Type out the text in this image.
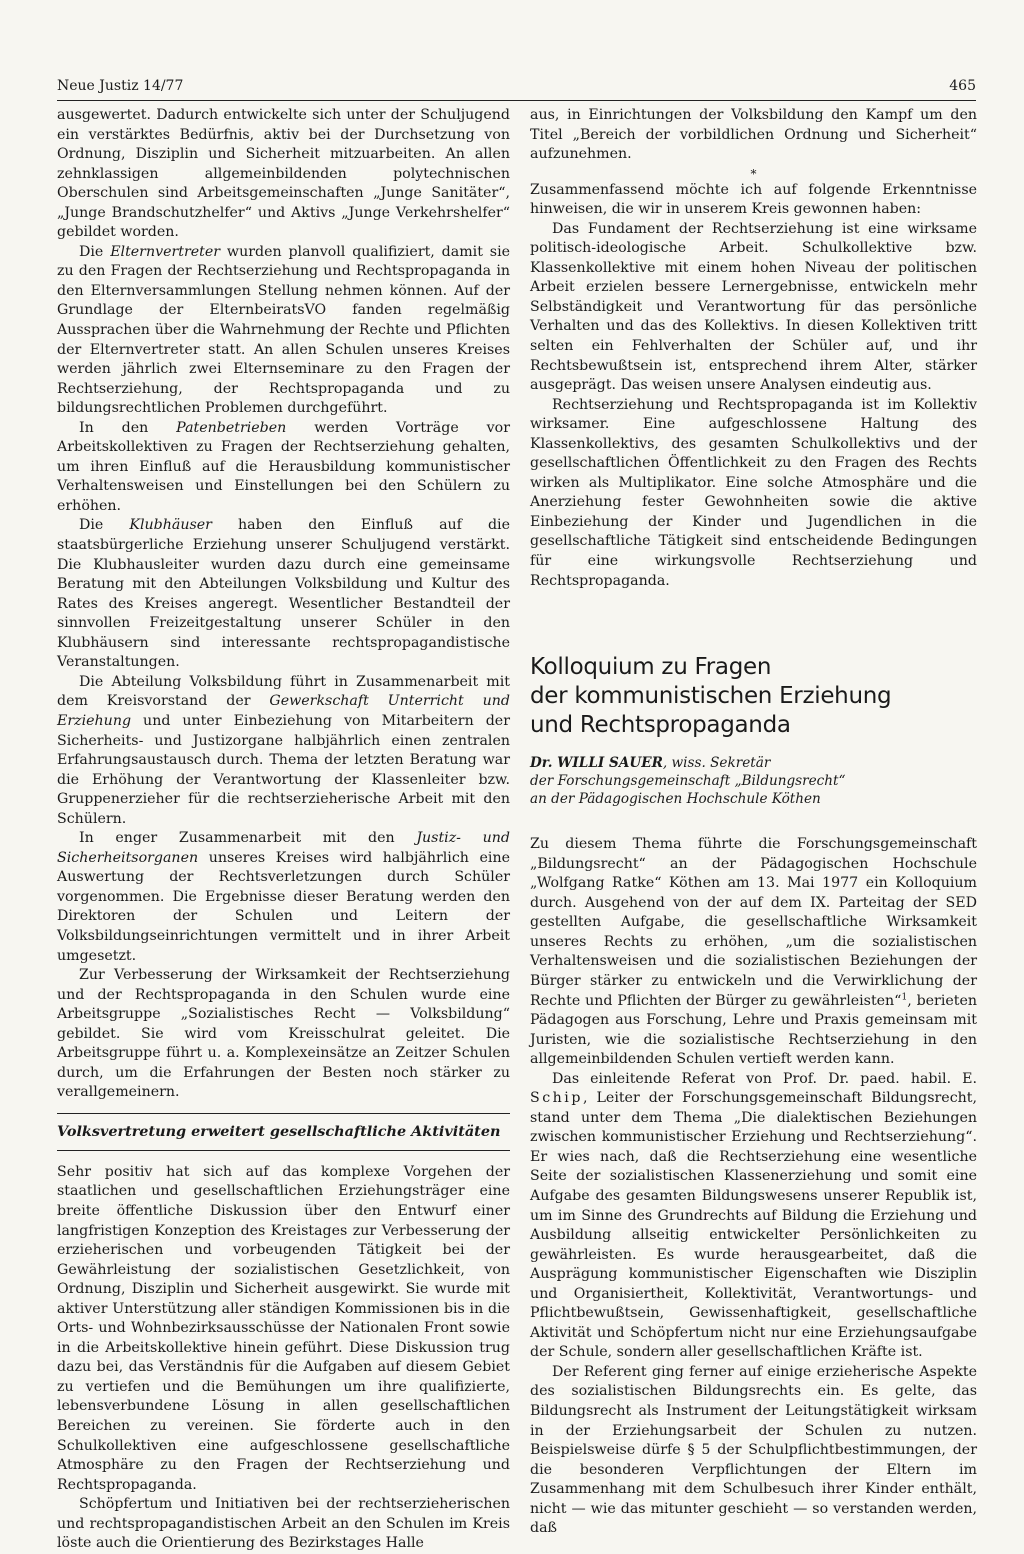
Neue Justiz 14/77	465

ausgewertet. Dadurch entwickelte sich unter der Schuljugend ein verstärktes Bedürfnis, aktiv bei der Durchsetzung von Ordnung, Disziplin und Sicherheit mitzuarbeiten. An allen zehnklassigen allgemeinbildenden polytechnischen Oberschulen sind Arbeitsgemeinschaften „Junge Sanitäter“, „Junge Brandschutzhelfer“ und Aktivs „Junge Verkehrshelfer“ gebildet worden.

Die Elternvertreter wurden planvoll qualifiziert, damit sie zu den Fragen der Rechtserziehung und Rechtspropaganda in den Elternversammlungen Stellung nehmen können. Auf der Grundlage der ElternbeiratsVO fanden regelmäßig Aussprachen über die Wahrnehmung der Rechte und Pflichten der Elternvertreter statt. An allen Schulen unseres Kreises werden jährlich zwei Elternseminare zu den Fragen der Rechtserziehung, der Rechtspropaganda und zu bildungsrechtlichen Problemen durchgeführt.

In den Patenbetrieben werden Vorträge vor Arbeitskollektiven zu Fragen der Rechtserziehung gehalten, um ihren Einfluß auf die Herausbildung kommunistischer Verhaltensweisen und Einstellungen bei den Schülern zu erhöhen.

Die Klubhäuser haben den Einfluß auf die staatsbürgerliche Erziehung unserer Schuljugend verstärkt. Die Klubhausleiter wurden dazu durch eine gemeinsame Beratung mit den Abteilungen Volksbildung und Kultur des Rates des Kreises angeregt. Wesentlicher Bestandteil der sinnvollen Freizeitgestaltung unserer Schüler in den Klubhäusern sind interessante rechtspropagandistische Veranstaltungen.

Die Abteilung Volksbildung führt in Zusammenarbeit mit dem Kreisvorstand der Gewerkschaft Unterricht und Erziehung und unter Einbeziehung von Mitarbeitern der Sicherheits- und Justizorgane halbjährlich einen zentralen Erfahrungsaustausch durch. Thema der letzten Beratung war die Erhöhung der Verantwortung der Klassenleiter bzw. Gruppenerzieher für die rechtserzieherische Arbeit mit den Schülern.

In enger Zusammenarbeit mit den Justiz- und Sicherheitsorganen unseres Kreises wird halbjährlich eine Auswertung der Rechtsverletzungen durch Schüler vorgenommen. Die Ergebnisse dieser Beratung werden den Direktoren der Schulen und Leitern der Volksbildungseinrichtungen vermittelt und in ihrer Arbeit umgesetzt.

Zur Verbesserung der Wirksamkeit der Rechtserziehung und der Rechtspropaganda in den Schulen wurde eine Arbeitsgruppe „Sozialistisches Recht — Volksbildung“ gebildet. Sie wird vom Kreisschulrat geleitet. Die Arbeitsgruppe führt u. a. Komplexeinsätze an Zeitzer Schulen durch, um die Erfahrungen der Besten noch stärker zu verallgemeinern.

Volksvertretung erweitert gesellschaftliche Aktivitäten

Sehr positiv hat sich auf das komplexe Vorgehen der staatlichen und gesellschaftlichen Erziehungsträger eine breite öffentliche Diskussion über den Entwurf einer langfristigen Konzeption des Kreistages zur Verbesserung der erzieherischen und vorbeugenden Tätigkeit bei der Gewährleistung der sozialistischen Gesetzlichkeit, von Ordnung, Disziplin und Sicherheit ausgewirkt. Sie wurde mit aktiver Unterstützung aller ständigen Kommissionen bis in die Orts- und Wohnbezirksausschüsse der Nationalen Front sowie in die Arbeitskollektive hinein geführt. Diese Diskussion trug dazu bei, das Verständnis für die Aufgaben auf diesem Gebiet zu vertiefen und die Bemühungen um ihre qualifizierte, lebensverbundene Lösung in allen gesellschaftlichen Bereichen zu vereinen. Sie förderte auch in den Schulkollektiven eine aufgeschlossene gesellschaftliche Atmosphäre zu den Fragen der Rechtserziehung und Rechtspropaganda.

Schöpfertum und Initiativen bei der rechtserzieherischen und rechtspropagandistischen Arbeit an den Schulen im Kreis löste auch die Orientierung des Bezirkstages Halle

aus, in Einrichtungen der Volksbildung den Kampf um den Titel „Bereich der vorbildlichen Ordnung und Sicherheit“ aufzunehmen.

*

Zusammenfassend möchte ich auf folgende Erkenntnisse hinweisen, die wir in unserem Kreis gewonnen haben:

Das Fundament der Rechtserziehung ist eine wirksame politisch-ideologische Arbeit. Schulkollektive bzw. Klassenkollektive mit einem hohen Niveau der politischen Arbeit erzielen bessere Lernergebnisse, entwickeln mehr Selbständigkeit und Verantwortung für das persönliche Verhalten und das des Kollektivs. In diesen Kollektiven tritt selten ein Fehlverhalten der Schüler auf, und ihr Rechtsbewußtsein ist, entsprechend ihrem Alter, stärker ausgeprägt. Das weisen unsere Analysen eindeutig aus.

Rechtserziehung und Rechtspropaganda ist im Kollektiv wirksamer. Eine aufgeschlossene Haltung des Klassenkollektivs, des gesamten Schulkollektivs und der gesellschaftlichen Öffentlichkeit zu den Fragen des Rechts wirken als Multiplikator. Eine solche Atmosphäre und die Anerziehung fester Gewohnheiten sowie die aktive Einbeziehung der Kinder und Jugendlichen in die gesellschaftliche Tätigkeit sind entscheidende Bedingungen für eine wirkungsvolle Rechtserziehung und Rechtspropaganda.

Kolloquium zu Fragen
der kommunistischen Erziehung
und Rechtspropaganda
Dr. WILLI SAUER, wiss. Sekretär
der Forschungsgemeinschaft „Bildungsrecht“
an der Pädagogischen Hochschule Köthen

Zu diesem Thema führte die Forschungsgemeinschaft „Bildungsrecht“ an der Pädagogischen Hochschule „Wolfgang Ratke“ Köthen am 13. Mai 1977 ein Kolloquium durch. Ausgehend von der auf dem IX. Parteitag der SED gestellten Aufgabe, die gesellschaftliche Wirksamkeit unseres Rechts zu erhöhen, „um die sozialistischen Verhaltensweisen und die sozialistischen Beziehungen der Bürger stärker zu entwickeln und die Verwirklichung der Rechte und Pflichten der Bürger zu gewährleisten“$^1$, berieten Pädagogen aus Forschung, Lehre und Praxis gemeinsam mit Juristen, wie die sozialistische Rechtserziehung in den allgemeinbildenden Schulen vertieft werden kann.

Das einleitende Referat von Prof. Dr. paed. habil. E. Schip, Leiter der Forschungsgemeinschaft Bildungsrecht, stand unter dem Thema „Die dialektischen Beziehungen zwischen kommunistischer Erziehung und Rechtserziehung“. Er wies nach, daß die Rechtserziehung eine wesentliche Seite der sozialistischen Klassenerziehung und somit eine Aufgabe des gesamten Bildungswesens unserer Republik ist, um im Sinne des Grundrechts auf Bildung die Erziehung und Ausbildung allseitig entwickelter Persönlichkeiten zu gewährleisten. Es wurde herausgearbeitet, daß die Ausprägung kommunistischer Eigenschaften wie Disziplin und Organisiertheit, Kollektivität, Verantwortungs- und Pflichtbewußtsein, Gewissenhaftigkeit, gesellschaftliche Aktivität und Schöpfertum nicht nur eine Erziehungsaufgabe der Schule, sondern aller gesellschaftlichen Kräfte ist.

Der Referent ging ferner auf einige erzieherische Aspekte des sozialistischen Bildungsrechts ein. Es gelte, das Bildungsrecht als Instrument der Leitungstätigkeit wirksam in der Erziehungsarbeit der Schulen zu nutzen. Beispielsweise dürfe § 5 der Schulpflichtbestimmungen, der die besonderen Verpflichtungen der Eltern im Zusammenhang mit dem Schulbesuch ihrer Kinder enthält, nicht — wie das mitunter geschieht — so verstanden werden, daß
